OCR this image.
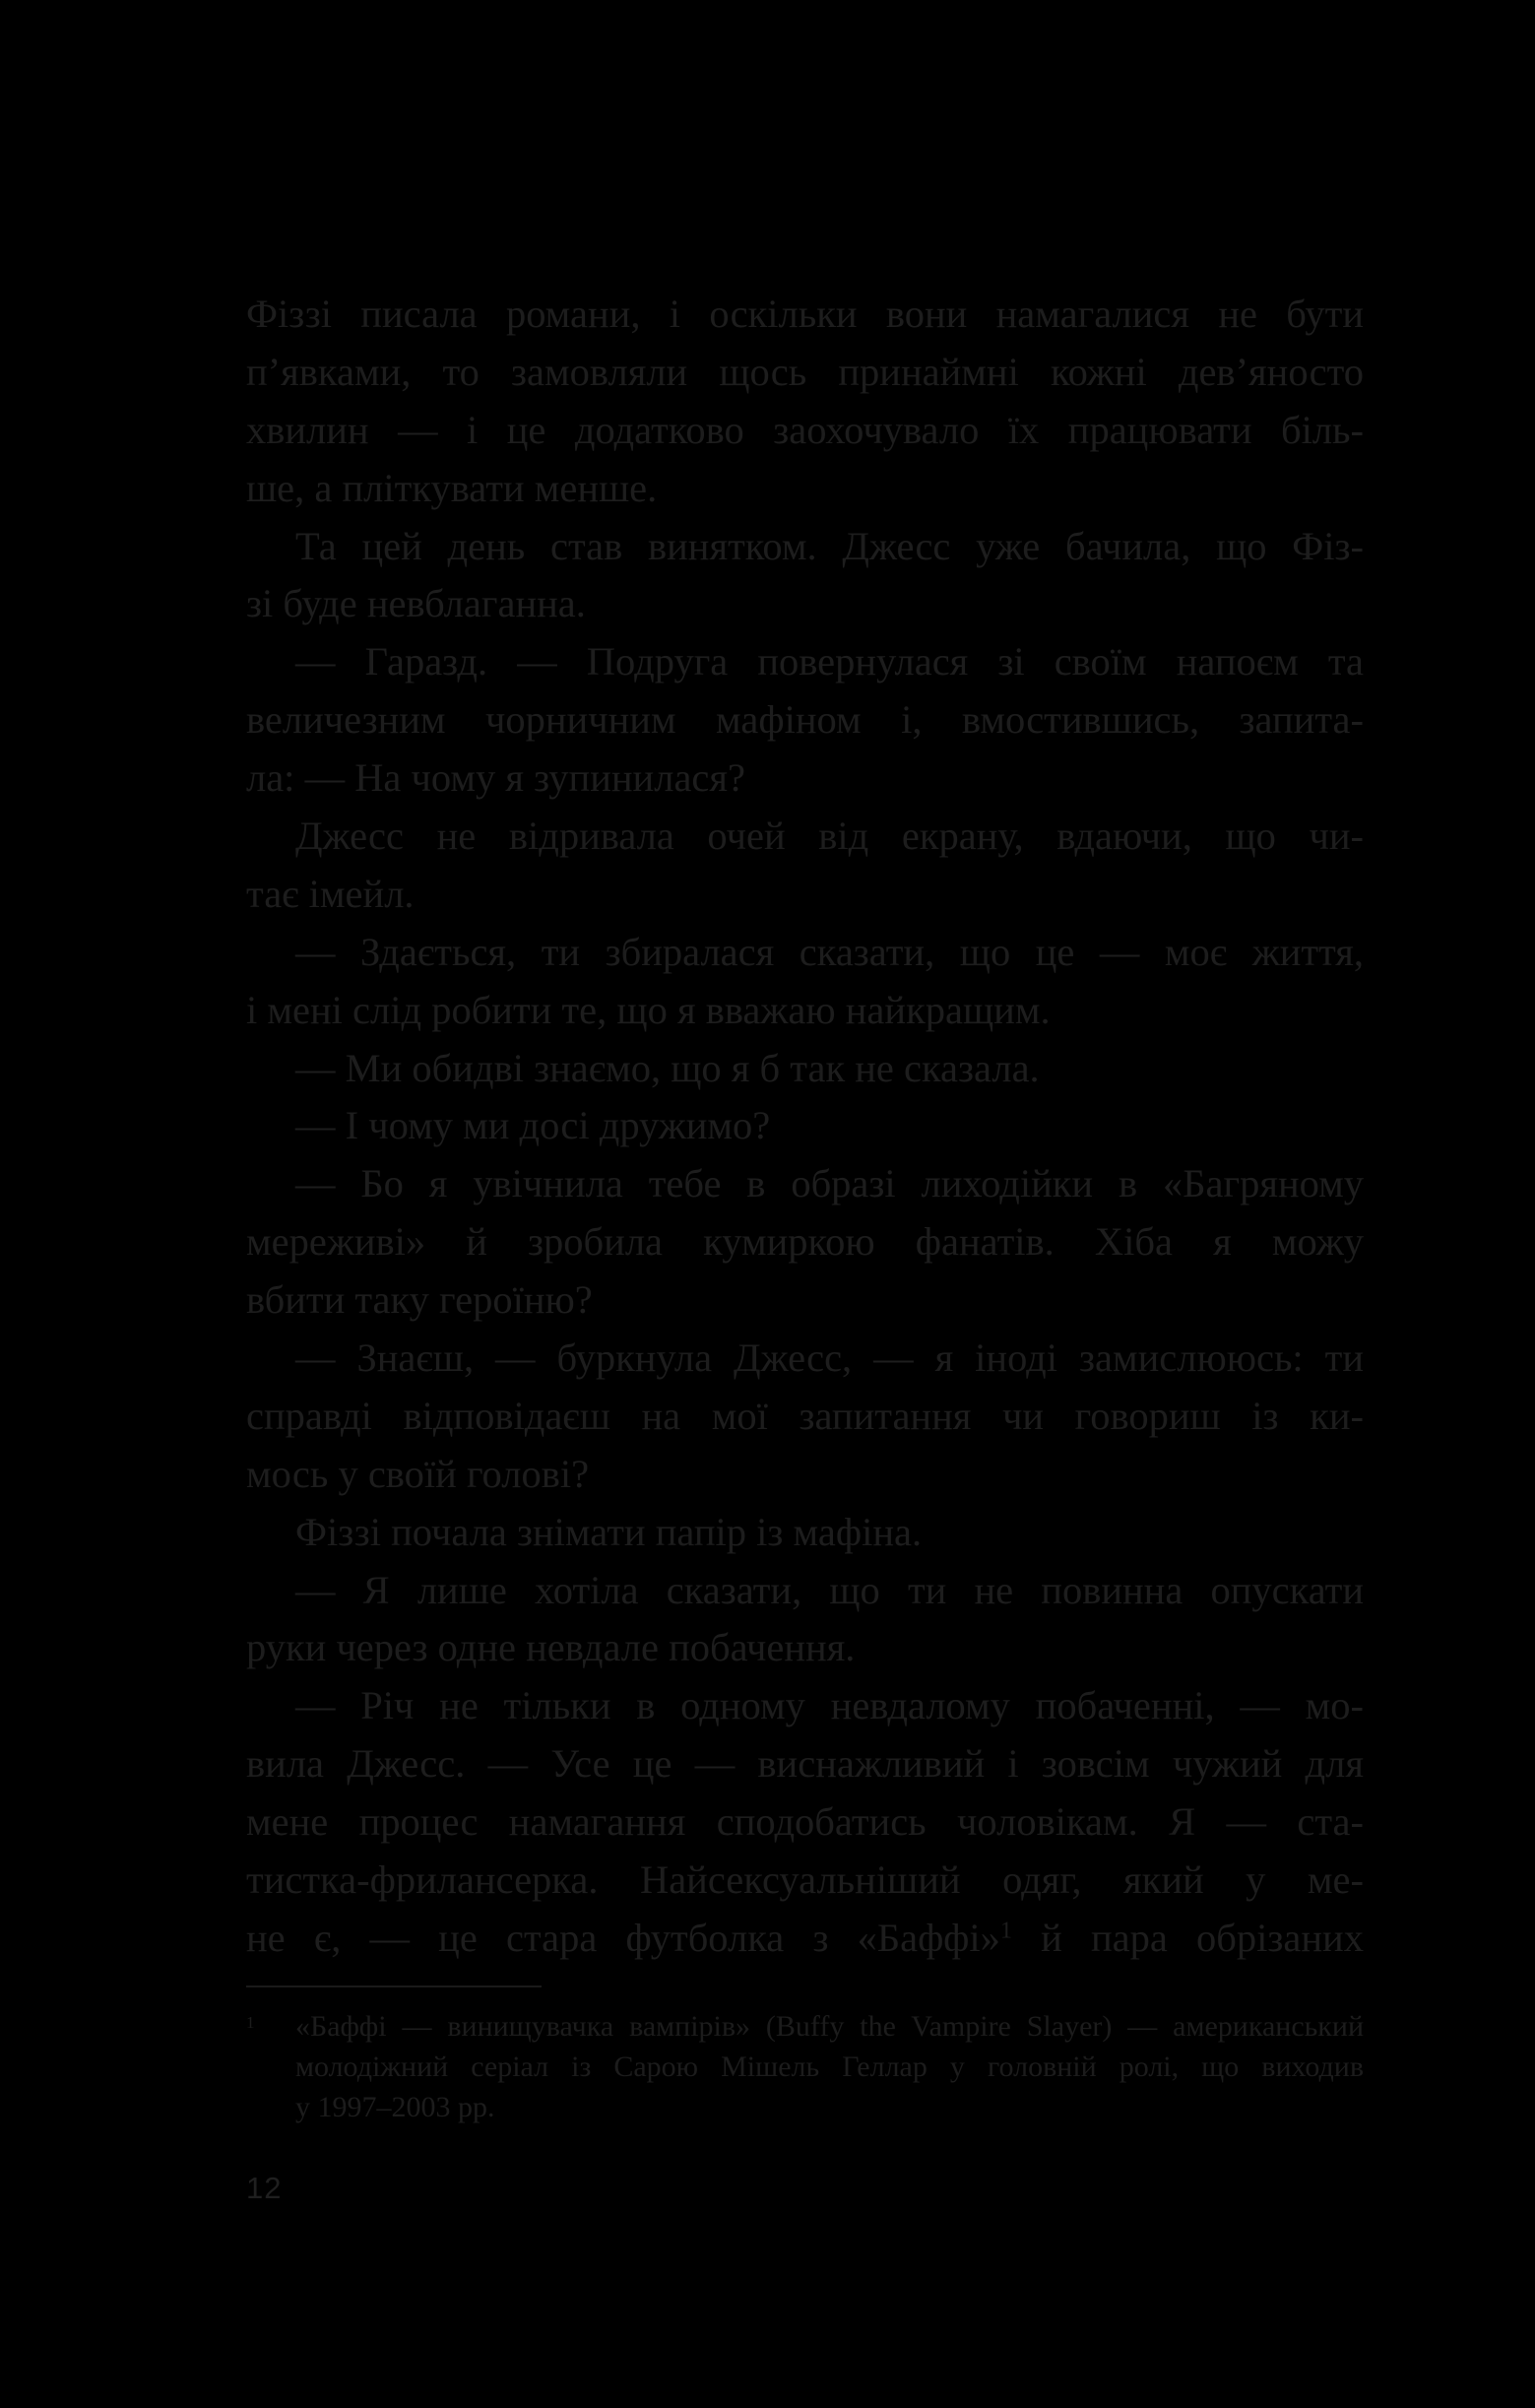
Фіззі писала романи, і оскільки вони намагалися не бути
п’явками, то замовляли щось принаймні кожні дев’яносто
хвилин — і це додатково заохочувало їх працювати біль-
ше, а пліткувати менше.
Та цей день став винятком. Джесс уже бачила, що Фіз-
зі буде невблаганна.
— Гаразд. — Подруга повернулася зі своїм напоєм та
величезним чорничним мафіном і, вмостившись, запита-
ла: — На чому я зупинилася?
Джесс не відривала очей від екрану, вдаючи, що чи-
тає імейл.
— Здається, ти збиралася сказати, що це — моє життя,
і мені слід робити те, що я вважаю найкращим.
— Ми обидві знаємо, що я б так не сказала.
— І чому ми досі дружимо?
— Бо я увічнила тебе в образі лиходійки в «Багряному
мереживі» й зробила кумиркою фанатів. Хіба я можу
вбити таку героїню?
— Знаєш, — буркнула Джесс, — я іноді замислююсь: ти
справді відповідаєш на мої запитання чи говориш із ки-
мось у своїй голові?
Фіззі почала знімати папір із мафіна.
— Я лише хотіла сказати, що ти не повинна опускати
руки через одне невдале побачення.
— Річ не тільки в одному невдалому побаченні, — мо-
вила Джесс. — Усе це — виснажливий і зовсім чужий для
мене процес намагання сподобатись чоловікам. Я — ста-
тистка-фрилансерка. Найсексуальніший одяг, який у ме-
не є, — це стара футболка з «Баффі»$^1$ й пара обрізаних
1	«Баффі — винищувачка вампірів» (Buffy the Vampire Slayer) — американський
молодіжний серіал із Сарою Мішель Геллар у головній ролі, що виходив
у 1997–2003 рр.
12
